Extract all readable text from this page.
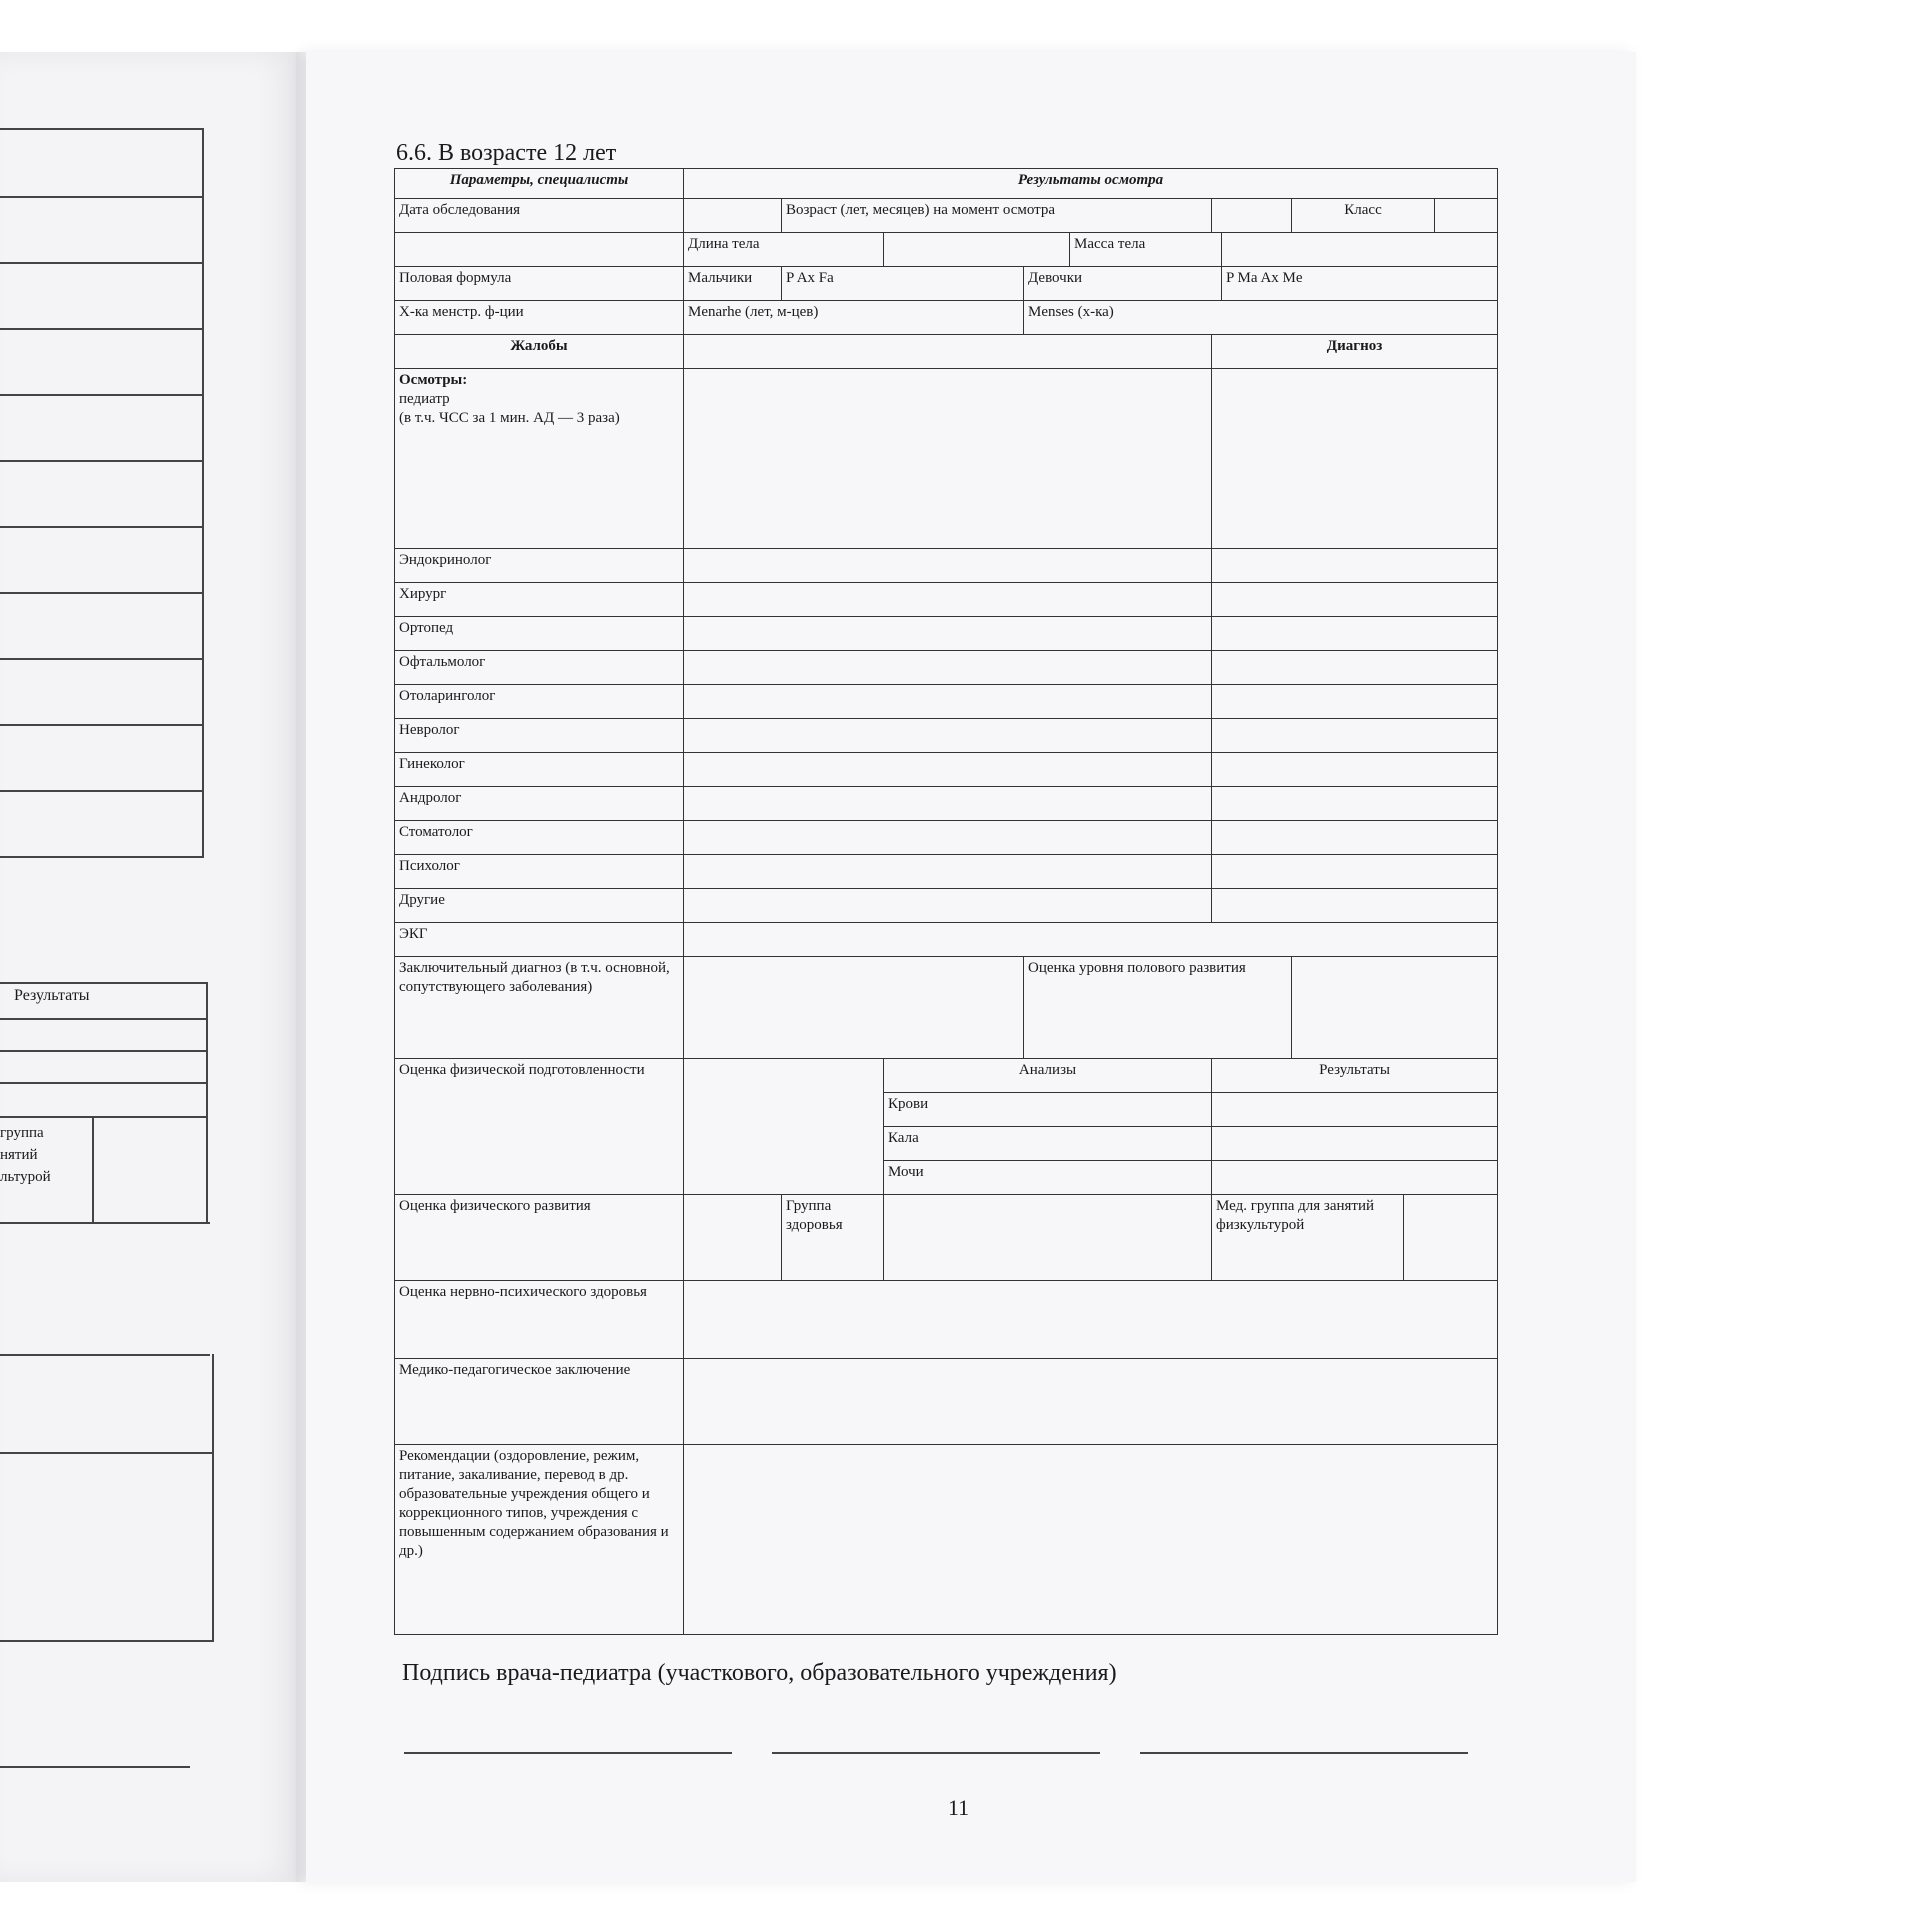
Результаты
группа
нятий
льтурой
6.6. В возрасте 12 лет
Параметры, специалисты	Результаты осмотра									
Дата обследования		Возраст (лет, месяцев) на момент осмотра						Класс		
	Длина тела				Масса тела					
Половая формула	Мальчики	P Ax Fa		Девочки			P Ma Ax Me			
Х-ка менстр. ф-ции	Menarhe (лет, м-цев)			Menses (х-ка)						
Жалобы						Диагноз				

Осмотры:
педиатр
(в т.ч. ЧСС за 1 мин. АД — 3 раза)										

Эндокринолог										
Хирург										
Ортопед										
Офтальмолог										
Отоларинголог										
Невролог										
Гинеколог										
Андролог										
Стоматолог										
Психолог										
Другие										
ЭКГ										
Заключительный диагноз (в т.ч. основной, сопутствующего заболевания)				Оценка уровня полового развития						
Оценка физической подготовленности			Анализы			Результаты				
			Крови							
			Кала							
			Мочи							
Оценка физического развития		Группа здоровья				Мед. группа для занятий физкультурой				
Оценка нервно-психического здоровья										
Медико-педагогическое заключение										
Рекомендации (оздоровление, режим, питание, закаливание, перевод в др. образовательные учреждения общего и коррекционного типов, учреждения с повышенным содержанием образования и др.)										
Подпись врача-педиатра (участкового, образовательного учреждения)
11
